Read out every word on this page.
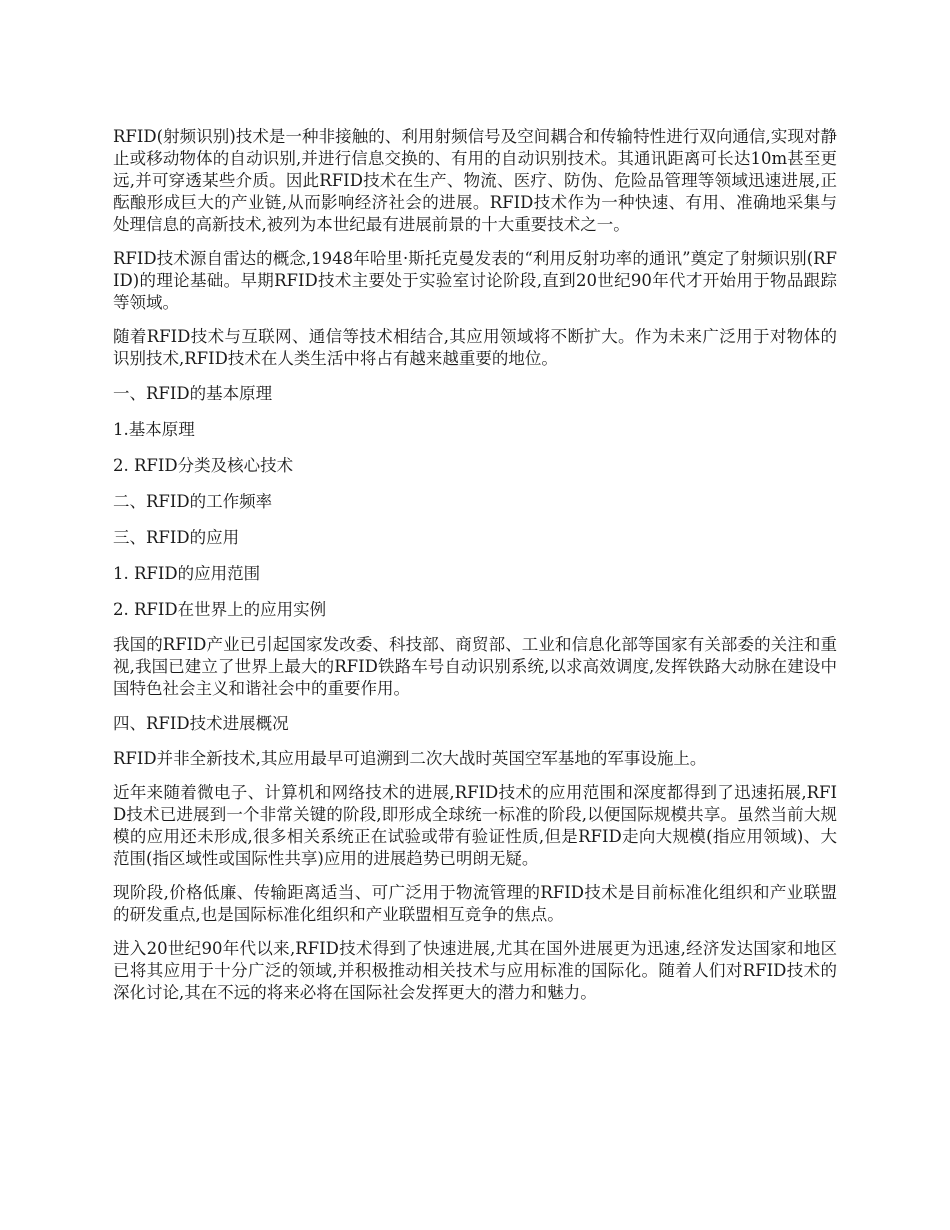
RFID(射频识别)技术是一种非接触的、利用射频信号及空间耦合和传输特性进行双向通信,实现对静止或移动物体的自动识别,并进行信息交换的、有用的自动识别技术。其通讯距离可长达10m甚至更远,并可穿透某些介质。因此RFID技术在生产、物流、医疗、防伪、危险品管理等领域迅速进展,正酝酿形成巨大的产业链,从而影响经济社会的进展。RFID技术作为一种快速、有用、准确地采集与处理信息的高新技术,被列为本世纪最有进展前景的十大重要技术之一。

RFID技术源自雷达的概念,1948年哈里·斯托克曼发表的“利用反射功率的通讯”奠定了射频识别(RFID)的理论基础。早期RFID技术主要处于实验室讨论阶段,直到20世纪90年代才开始用于物品跟踪等领域。

随着RFID技术与互联网、通信等技术相结合,其应用领域将不断扩大。作为未来广泛用于对物体的识别技术,RFID技术在人类生活中将占有越来越重要的地位。

一、RFID的基本原理

1.基本原理

2. RFID分类及核心技术

二、RFID的工作频率

三、RFID的应用

1. RFID的应用范围

2. RFID在世界上的应用实例

我国的RFID产业已引起国家发改委、科技部、商贸部、工业和信息化部等国家有关部委的关注和重视,我国已建立了世界上最大的RFID铁路车号自动识别系统,以求高效调度,发挥铁路大动脉在建设中国特色社会主义和谐社会中的重要作用。

四、RFID技术进展概况

RFID并非全新技术,其应用最早可追溯到二次大战时英国空军基地的军事设施上。

近年来随着微电子、计算机和网络技术的进展,RFID技术的应用范围和深度都得到了迅速拓展,RFID技术已进展到一个非常关键的阶段,即形成全球统一标准的阶段,以便国际规模共享。虽然当前大规模的应用还未形成,很多相关系统正在试验或带有验证性质,但是RFID走向大规模(指应用领域)、大范围(指区域性或国际性共享)应用的进展趋势已明朗无疑。

现阶段,价格低廉、传输距离适当、可广泛用于物流管理的RFID技术是目前标准化组织和产业联盟的研发重点,也是国际标准化组织和产业联盟相互竞争的焦点。

进入20世纪90年代以来,RFID技术得到了快速进展,尤其在国外进展更为迅速,经济发达国家和地区已将其应用于十分广泛的领域,并积极推动相关技术与应用标准的国际化。随着人们对RFID技术的深化讨论,其在不远的将来必将在国际社会发挥更大的潜力和魅力。
